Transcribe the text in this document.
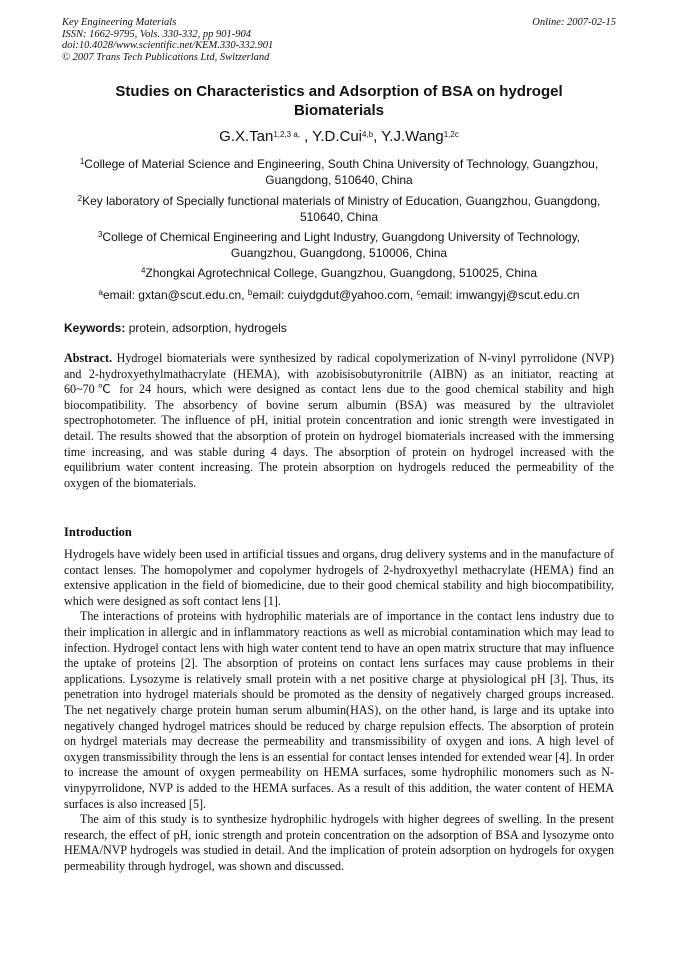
Key Engineering Materials
ISSN: 1662-9795, Vols. 330-332, pp 901-904
doi:10.4028/www.scientific.net/KEM.330-332.901
© 2007 Trans Tech Publications Ltd, Switzerland
Online: 2007-02-15
Studies on Characteristics and Adsorption of BSA on hydrogel
Biomaterials
G.X.Tan$^{1,2,3 a,}$ , Y.D.Cui$^{4,b}$, Y.J.Wang$^{1,2c}$
$^1$College of Material Science and Engineering, South China University of Technology, Guangzhou,
Guangdong, 510640, China
$^2$Key laboratory of Specially functional materials of Ministry of Education, Guangzhou, Guangdong,
510640, China
$^3$College of Chemical Engineering and Light Industry, Guangdong University of Technology,
Guangzhou, Guangdong, 510006, China
$^4$Zhongkai Agrotechnical College, Guangzhou, Guangdong, 510025, China
$^a$email: gxtan@scut.edu.cn, $^b$email: cuiydgdut@yahoo.com, $^c$email: imwangyj@scut.edu.cn
Keywords: protein, adsorption, hydrogels

Abstract. Hydrogel biomaterials were synthesized by radical copolymerization of N-vinyl pyrrolidone (NVP) and 2-hydroxyethylmathacrylate (HEMA), with azobisisobutyronitrile (AIBN) as an initiator, reacting at 60~70℃ for 24 hours, which were designed as contact lens due to the good chemical stability and high biocompatibility. The absorbency of bovine serum albumin (BSA) was measured by the ultraviolet spectrophotometer. The influence of pH, initial protein concentration and ionic strength were investigated in detail. The results showed that the absorption of protein on hydrogel biomaterials increased with the immersing time increasing, and was stable during 4 days. The absorption of protein on hydrogel increased with the equilibrium water content increasing. The protein absorption on hydrogels reduced the permeability of the oxygen of the biomaterials.

Introduction

Hydrogels have widely been used in artificial tissues and organs, drug delivery systems and in the manufacture of contact lenses. The homopolymer and copolymer hydrogels of 2-hydroxyethyl methacrylate (HEMA) find an extensive application in the field of biomedicine, due to their good chemical stability and high biocompatibility, which were designed as soft contact lens [1].

The interactions of proteins with hydrophilic materials are of importance in the contact lens industry due to their implication in allergic and in inflammatory reactions as well as microbial contamination which may lead to infection. Hydrogel contact lens with high water content tend to have an open matrix structure that may influence the uptake of proteins [2]. The absorption of proteins on contact lens surfaces may cause problems in their applications. Lysozyme is relatively small protein with a net positive charge at physiological pH [3]. Thus, its penetration into hydrogel materials should be promoted as the density of negatively charged groups increased. The net negatively charge protein human serum albumin(HAS), on the other hand, is large and its uptake into negatively changed hydrogel matrices should be reduced by charge repulsion effects. The absorption of protein on hydrgel materials may decrease the permeability and transmissibility of oxygen and ions. A high level of oxygen transmissibility through the lens is an essential for contact lenses intended for extended wear [4]. In order to increase the amount of oxygen permeability on HEMA surfaces, some hydrophilic monomers such as N-vinypyrrolidone, NVP is added to the HEMA surfaces. As a result of this addition, the water content of HEMA surfaces is also increased [5].

The aim of this study is to synthesize hydrophilic hydrogels with higher degrees of swelling. In the present research, the effect of pH, ionic strength and protein concentration on the adsorption of BSA and lysozyme onto HEMA/NVP hydrogels was studied in detail. And the implication of protein adsorption on hydrogels for oxygen permeability through hydrogel, was shown and discussed.
